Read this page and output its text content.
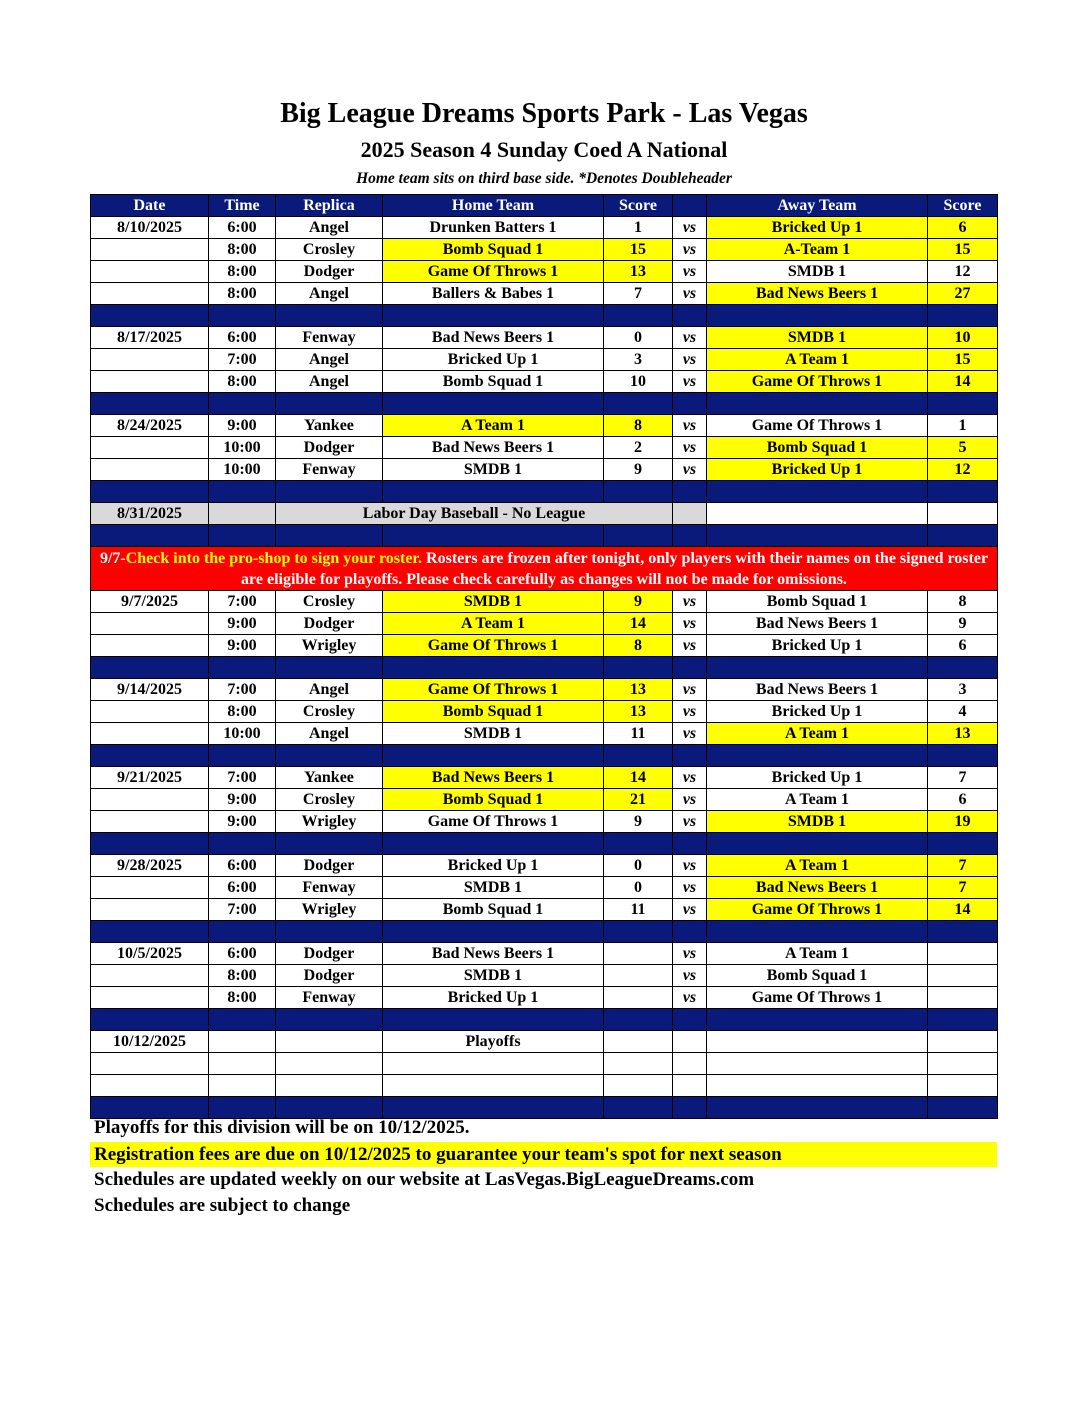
Big League Dreams Sports Park - Las Vegas
2025 Season 4 Sunday Coed A National
Home team sits on third base side. *Denotes Doubleheader
Date	Time	Replica	Home Team	Score		Away Team	Score
8/10/2025	6:00	Angel	Drunken Batters 1	1	vs	Bricked Up 1	6
	8:00	Crosley	Bomb Squad 1	15	vs	A-Team 1	15
	8:00	Dodger	Game Of Throws 1	13	vs	SMDB 1	12
	8:00	Angel	Ballers & Babes 1	7	vs	Bad News Beers 1	27

8/17/2025	6:00	Fenway	Bad News Beers 1	0	vs	SMDB 1	10
	7:00	Angel	Bricked Up 1	3	vs	A Team 1	15
	8:00	Angel	Bomb Squad 1	10	vs	Game Of Throws 1	14

8/24/2025	9:00	Yankee	A Team 1	8	vs	Game Of Throws 1	1
	10:00	Dodger	Bad News Beers 1	2	vs	Bomb Squad 1	5
	10:00	Fenway	SMDB 1	9	vs	Bricked Up 1	12

8/31/2025		Labor Day Baseball - No League					

9/7-Check into the pro-shop to sign your roster. Rosters are frozen after tonight, only players with their names on the signed roster are eligible for playoffs. Please check carefully as changes will not be made for omissions.							
9/7/2025	7:00	Crosley	SMDB 1	9	vs	Bomb Squad 1	8
	9:00	Dodger	A Team 1	14	vs	Bad News Beers 1	9
	9:00	Wrigley	Game Of Throws 1	8	vs	Bricked Up 1	6

9/14/2025	7:00	Angel	Game Of Throws 1	13	vs	Bad News Beers 1	3
	8:00	Crosley	Bomb Squad 1	13	vs	Bricked Up 1	4
	10:00	Angel	SMDB 1	11	vs	A Team 1	13

9/21/2025	7:00	Yankee	Bad News Beers 1	14	vs	Bricked Up 1	7
	9:00	Crosley	Bomb Squad 1	21	vs	A Team 1	6
	9:00	Wrigley	Game Of Throws 1	9	vs	SMDB 1	19

9/28/2025	6:00	Dodger	Bricked Up 1	0	vs	A Team 1	7
	6:00	Fenway	SMDB 1	0	vs	Bad News Beers 1	7
	7:00	Wrigley	Bomb Squad 1	11	vs	Game Of Throws 1	14

10/5/2025	6:00	Dodger	Bad News Beers 1		vs	A Team 1	
	8:00	Dodger	SMDB 1		vs	Bomb Squad 1	
	8:00	Fenway	Bricked Up 1		vs	Game Of Throws 1	

10/12/2025			Playoffs				

Playoffs for this division will be on 10/12/2025.
Registration fees are due on 10/12/2025 to guarantee your team's spot for next season
Schedules are updated weekly on our website at LasVegas.BigLeagueDreams.com
Schedules are subject to change
